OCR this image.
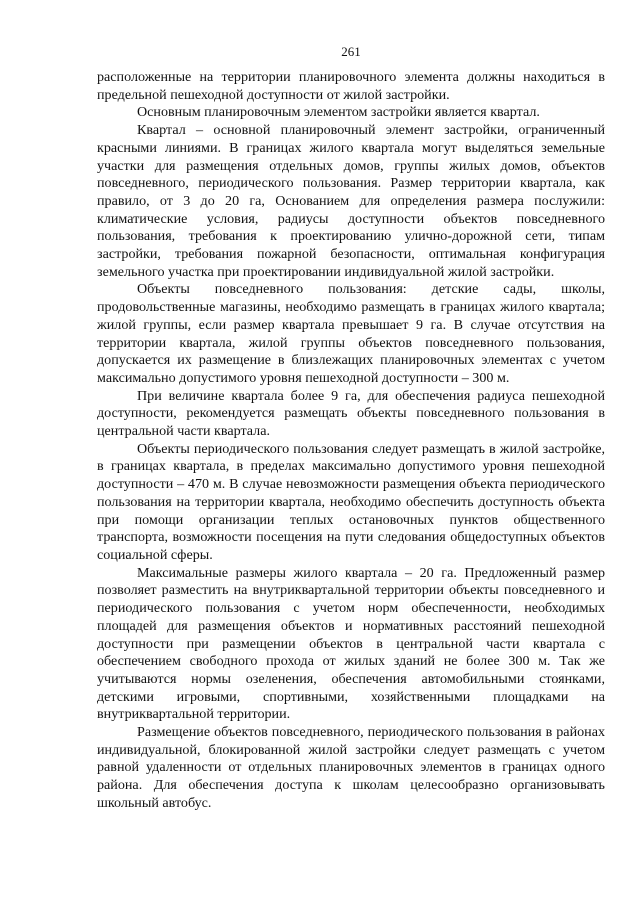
261

расположенные на территории планировочного элемента должны находиться в предельной пешеходной доступности от жилой застройки.

Основным планировочным элементом застройки является квартал.

Квартал – основной планировочный элемент застройки, ограниченный красными линиями. В границах жилого квартала могут выделяться земельные участки для размещения отдельных домов, группы жилых домов, объектов повседневного, периодического пользования. Размер территории квартала, как правило, от 3 до 20 га, Основанием для определения размера послужили: климатические условия, радиусы доступности объектов повседневного пользования, требования к проектированию улично-дорожной сети, типам застройки, требования пожарной безопасности, оптимальная конфигурация земельного участка при проектировании индивидуальной жилой застройки.

Объекты повседневного пользования: детские сады, школы, продовольственные магазины, необходимо размещать в границах жилого квартала; жилой группы, если размер квартала превышает 9 га. В случае отсутствия на территории квартала, жилой группы объектов повседневного пользования, допускается их размещение в близлежащих планировочных элементах с учетом максимально допустимого уровня пешеходной доступности – 300 м.

При величине квартала более 9 га, для обеспечения радиуса пешеходной доступности, рекомендуется размещать объекты повседневного пользования в центральной части квартала.

Объекты периодического пользования следует размещать в жилой застройке, в границах квартала, в пределах максимально допустимого уровня пешеходной доступности – 470 м. В случае невозможности размещения объекта периодического пользования на территории квартала, необходимо обеспечить доступность объекта при помощи организации теплых остановочных пунктов общественного транспорта, возможности посещения на пути следования общедоступных объектов социальной сферы.

Максимальные размеры жилого квартала – 20 га. Предложенный размер позволяет разместить на внутриквартальной территории объекты повседневного и периодического пользования с учетом норм обеспеченности, необходимых площадей для размещения объектов и нормативных расстояний пешеходной доступности при размещении объектов в центральной части квартала с обеспечением свободного прохода от жилых зданий не более 300 м. Так же учитываются нормы озеленения, обеспечения автомобильными стоянками, детскими игровыми, спортивными, хозяйственными площадками на внутриквартальной территории.

Размещение объектов повседневного, периодического пользования в районах индивидуальной, блокированной жилой застройки следует размещать с учетом равной удаленности от отдельных планировочных элементов в границах одного района. Для обеспечения доступа к школам целесообразно организовывать школьный автобус.
